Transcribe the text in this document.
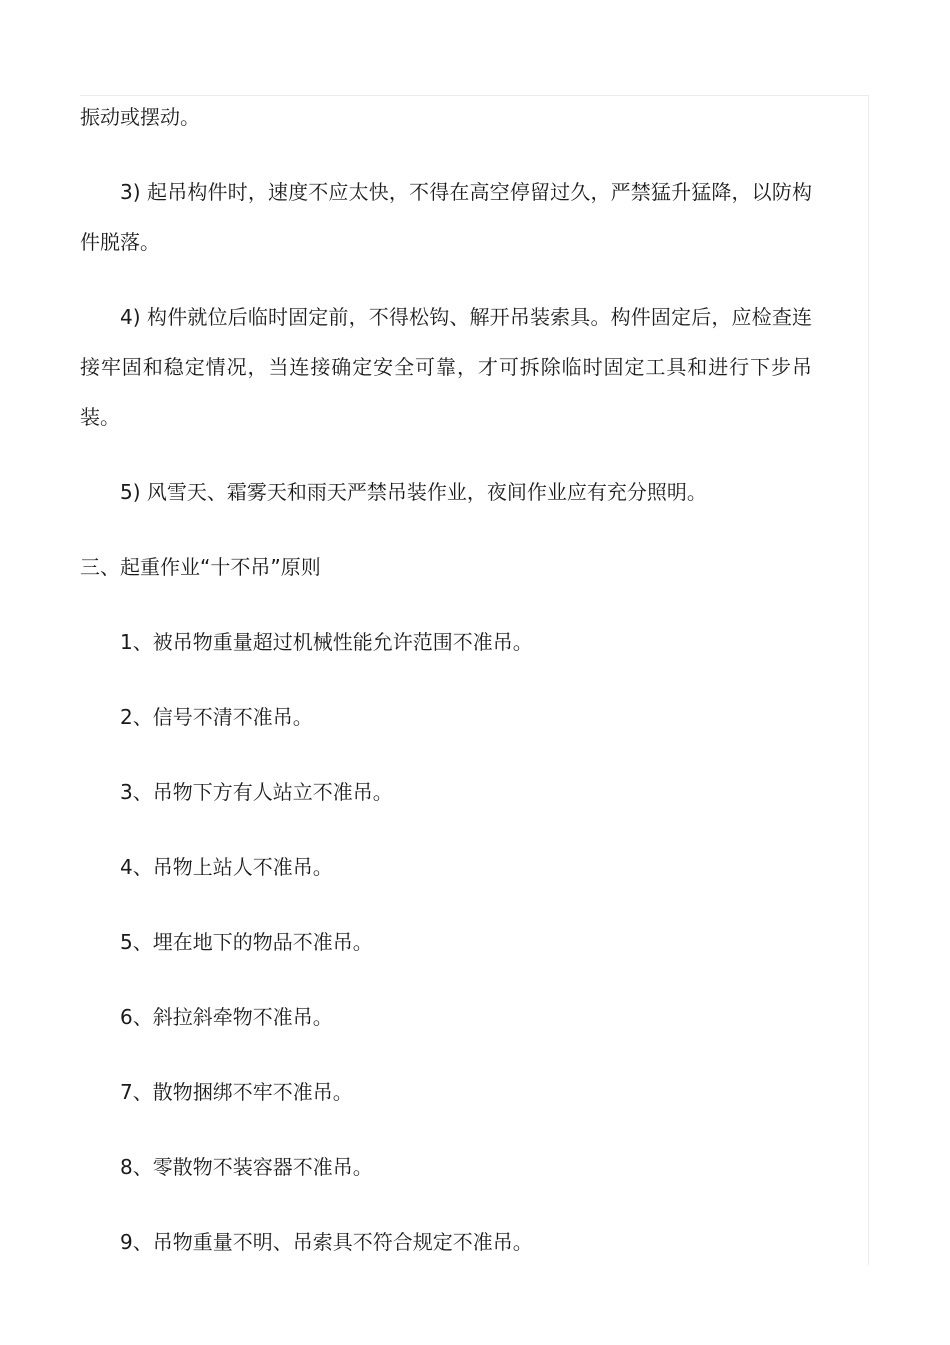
振动或摆动。

3) 起吊构件时，速度不应太快，不得在高空停留过久，严禁猛升猛降，以防构件脱落。

4) 构件就位后临时固定前，不得松钩、解开吊装索具。构件固定后，应检查连接牢固和稳定情况，当连接确定安全可靠，才可拆除临时固定工具和进行下步吊装。

5) 风雪天、霜雾天和雨天严禁吊装作业，夜间作业应有充分照明。

三、起重作业“十不吊”原则

1、被吊物重量超过机械性能允许范围不准吊。
2、信号不清不准吊。
3、吊物下方有人站立不准吊。
4、吊物上站人不准吊。
5、埋在地下的物品不准吊。
6、斜拉斜牵物不准吊。
7、散物捆绑不牢不准吊。
8、零散物不装容器不准吊。
9、吊物重量不明、吊索具不符合规定不准吊。
